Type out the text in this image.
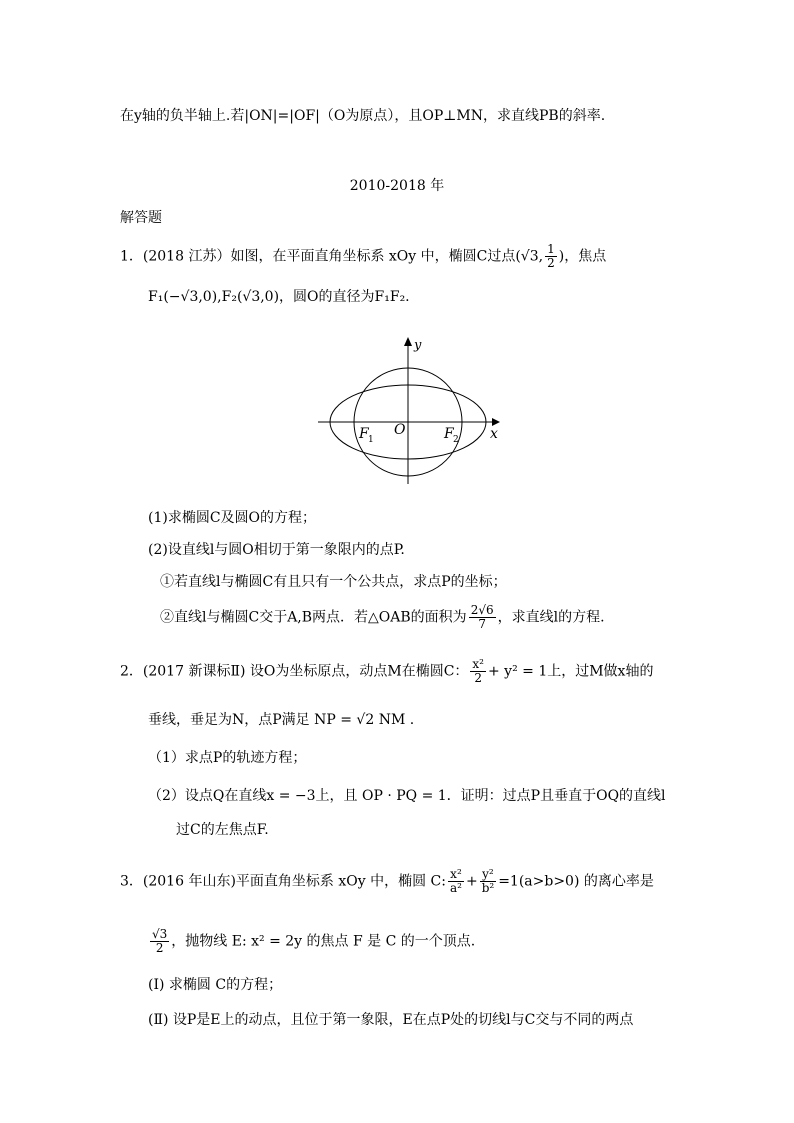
在y轴的负半轴上.若|ON|=|OF|（O为原点），且OP⊥MN，求直线PB的斜率.
2010-2018 年
解答题
1．(2018 江苏）如图，在平面直角坐标系 xOy 中，椭圆C过点(√3, $\frac{1}{2}$ )，焦点
F₁(−√3,0),F₂(√3,0)，圆O的直径为F₁F₂.
y
x
O
F 1	F 2
(1)求椭圆C及圆O的方程；
(2)设直线l与圆O相切于第一象限内的点P.
①若直线l与椭圆C有且只有一个公共点，求点P的坐标；
②直线l与椭圆C交于A,B两点．若△OAB的面积为 $\frac{2√6}{7}$ ，求直线l的方程.
2．(2017 新课标Ⅱ) 设O为坐标原点，动点M在椭圆C： $\frac{\text{x²}}{2} + y^2 = 1$上，过M做x轴的
垂线，垂足为N，点P满足 NP = √2 NM .
（1）求点P的轨迹方程；
（2）设点Q在直线x = −3上，且 OP · PQ = 1．证明：过点P且垂直于OQ的直线l
过C的左焦点F.
3．(2016 年山东)平面直角坐标系 xOy 中，椭圆 C: $\frac{\text{x²}}{\text{a²}} + \frac{\text{y²}}{\text{b²}} =1(a>b>0)$ 的离心率是
$\frac{√3}{2}$ ，抛物线 E: x² = 2y 的焦点 F 是 C 的一个顶点.
(Ⅰ) 求椭圆 C的方程；
(Ⅱ) 设P是E上的动点，且位于第一象限，E在点P处的切线l与C交与不同的两点
